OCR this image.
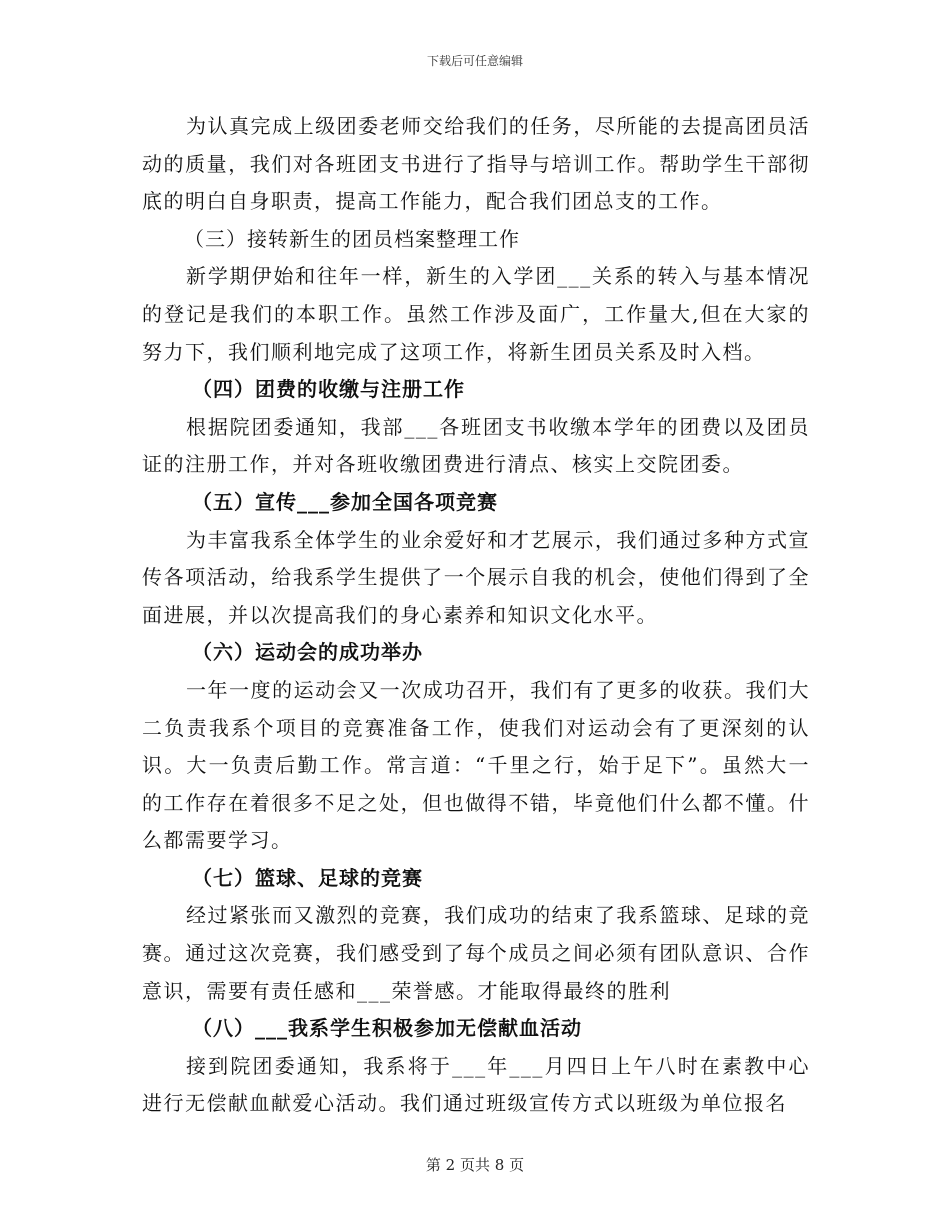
下载后可任意编辑

为认真完成上级团委老师交给我们的任务，尽所能的去提高团员活动的质量，我们对各班团支书进行了指导与培训工作。帮助学生干部彻底的明白自身职责，提高工作能力，配合我们团总支的工作。

（三）接转新生的团员档案整理工作

新学期伊始和往年一样，新生的入学团___关系的转入与基本情况的登记是我们的本职工作。虽然工作涉及面广，工作量大,但在大家的努力下，我们顺利地完成了这项工作，将新生团员关系及时入档。

（四）团费的收缴与注册工作

根据院团委通知，我部___各班团支书收缴本学年的团费以及团员证的注册工作，并对各班收缴团费进行清点、核实上交院团委。

（五）宣传___参加全国各项竞赛

为丰富我系全体学生的业余爱好和才艺展示，我们通过多种方式宣传各项活动，给我系学生提供了一个展示自我的机会，使他们得到了全面进展，并以次提高我们的身心素养和知识文化水平。

（六）运动会的成功举办

一年一度的运动会又一次成功召开，我们有了更多的收获。我们大二负责我系个项目的竞赛准备工作，使我们对运动会有了更深刻的认识。大一负责后勤工作。常言道：“千里之行，始于足下”。虽然大一的工作存在着很多不足之处，但也做得不错，毕竟他们什么都不懂。什么都需要学习。

（七）篮球、足球的竞赛

经过紧张而又激烈的竞赛，我们成功的结束了我系篮球、足球的竞赛。通过这次竞赛，我们感受到了每个成员之间必须有团队意识、合作意识，需要有责任感和___荣誉感。才能取得最终的胜利

（八）___我系学生积极参加无偿献血活动

接到院团委通知，我系将于___年___月四日上午八时在素教中心进行无偿献血献爱心活动。我们通过班级宣传方式以班级为单位报名

第 2 页共 8 页
